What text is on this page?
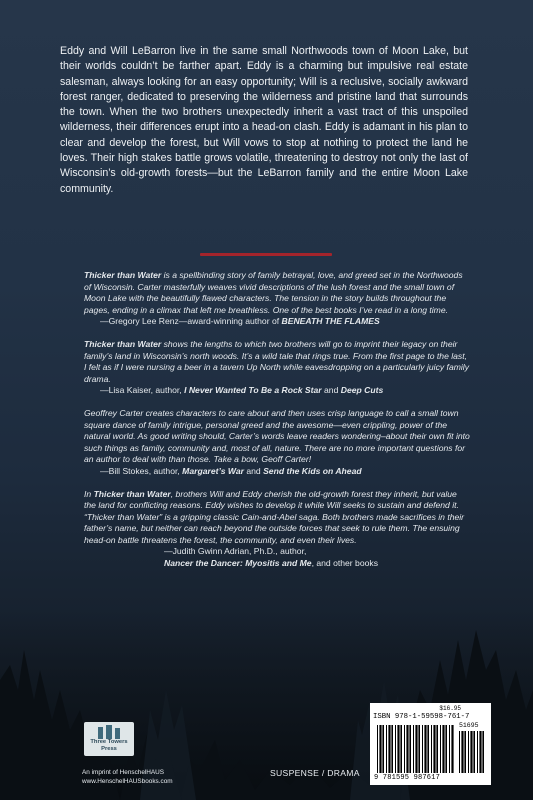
Eddy and Will LeBarron live in the same small Northwoods town of Moon Lake, but their worlds couldn’t be farther apart. Eddy is a charming but impulsive real estate salesman, always looking for an easy opportunity; Will is a reclusive, socially awkward forest ranger, dedicated to preserving the wilderness and pristine land that surrounds the town. When the two brothers unexpectedly inherit a vast tract of this unspoiled wilderness, their differences erupt into a head-on clash. Eddy is adamant in his plan to clear and develop the forest, but Will vows to stop at nothing to protect the land he loves. Their high stakes battle grows volatile, threatening to destroy not only the last of Wisconsin’s old-growth forests—but the LeBarron family and the entire Moon Lake community.
Thicker than Water is a spellbinding story of family betrayal, love, and greed set in the Northwoods of Wisconsin. Carter masterfully weaves vivid descriptions of the lush forest and the small town of Moon Lake with the beautifully flawed characters. The tension in the story builds throughout the pages, ending in a climax that left me breathless. One of the best books I’ve read in a long time.
—Gregory Lee Renz—award-winning author of BENEATH THE FLAMES
Thicker than Water shows the lengths to which two brothers will go to imprint their legacy on their family’s land in Wisconsin’s north woods. It’s a wild tale that rings true. From the first page to the last, I felt as if I were nursing a beer in a tavern Up North while eavesdropping on a particularly juicy family drama.
—Lisa Kaiser, author, I Never Wanted To Be a Rock Star and Deep Cuts
Geoffrey Carter creates characters to care about and then uses crisp language to call a small town square dance of family intrigue, personal greed and the awesome—even crippling, power of the natural world. As good writing should, Carter’s words leave readers wondering–about their own fit into such things as family, community and, most of all, nature. There are no more important questions for an author to deal with than those. Take a bow, Geoff Carter!
—Bill Stokes, author, Margaret’s War and Send the Kids on Ahead
In Thicker than Water, brothers Will and Eddy cherish the old-growth forest they inherit, but value the land for conflicting reasons. Eddy wishes to develop it while Will seeks to sustain and defend it. “Thicker than Water” is a gripping classic Cain-and-Abel saga. Both brothers made sacrifices in their father’s name, but neither can reach beyond the outside forces that seek to rule them. The ensuing head-on battle threatens the forest, the community, and even their lives.
—Judith Gwinn Adrian, Ph.D., author,
Nancer the Dancer: Myositis and Me, and other books
Three Towers Press
An imprint of HenschelHAUS
www.HenschelHAUSbooks.com
SUSPENSE / DRAMA
$16.95
ISBN 978-1-59598-761-7
51695
9 781595 987617
